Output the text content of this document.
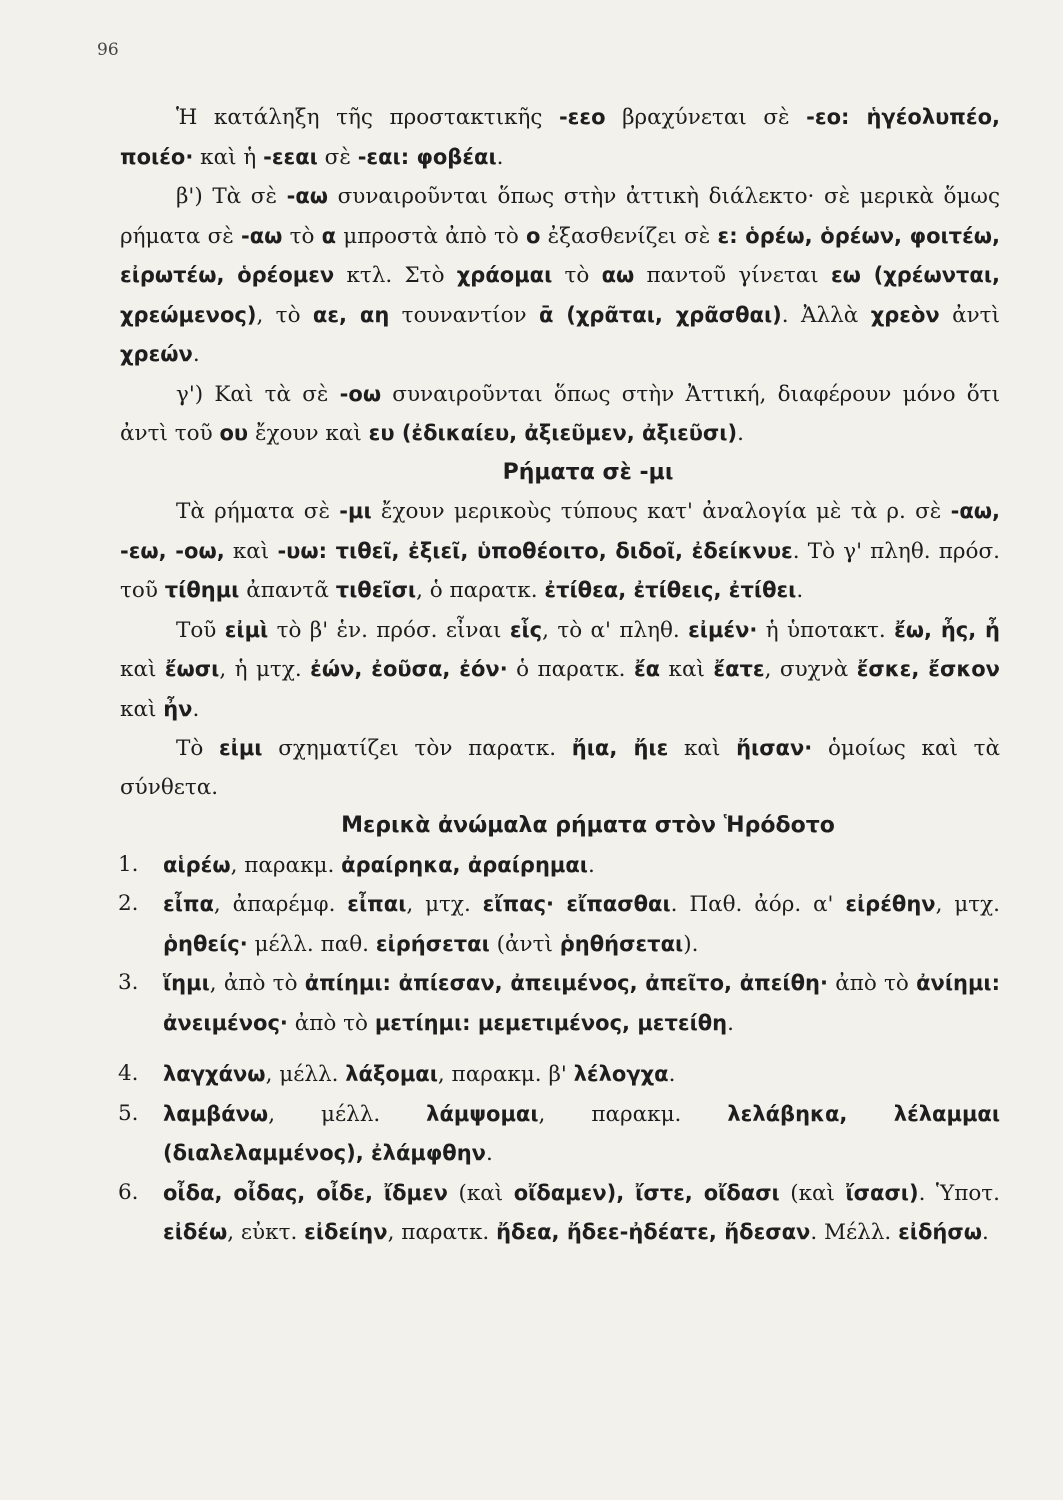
96

Ἡ κατάληξη τῆς προστακτικῆς -εεο βραχύνεται σὲ -εο: ἡγέολυπέο, ποιέο· καὶ ἡ -εεαι σὲ -εαι: φοβέαι.

β') Τὰ σὲ -αω συναιροῦνται ὅπως στὴν ἀττικὴ διάλεκτο· σὲ μερικὰ ὅμως ρήματα σὲ -αω τὸ α μπροστὰ ἀπὸ τὸ ο ἐξασθενίζει σὲ ε: ὁρέω, ὁρέων, φοιτέω, εἰρωτέω, ὁρέομεν κτλ. Στὸ χράομαι τὸ αω παντοῦ γίνεται εω (χρέωνται, χρεώμενος), τὸ αε, αη τουναντίον ᾱ (χρᾶται, χρᾶσθαι). Ἀλλὰ χρεὸν ἀντὶ χρεών.

γ') Καὶ τὰ σὲ -οω συναιροῦνται ὅπως στὴν Ἀττική, διαφέρουν μόνο ὅτι ἀντὶ τοῦ ου ἔχουν καὶ ευ (ἐδικαίευ, ἀξιεῦμεν, ἀξιεῦσι).

Ρήματα σὲ -μι

Τὰ ρήματα σὲ -μι ἔχουν μερικοὺς τύπους κατ' ἀναλογία μὲ τὰ ρ. σὲ -αω, -εω, -οω, καὶ -υω: τιθεῖ, ἐξιεῖ, ὑποθέοιτο, διδοῖ, ἐδείκνυε. Τὸ γ' πληθ. πρόσ. τοῦ τίθημι ἀπαντᾶ τιθεῖσι, ὁ παρατκ. ἐτίθεα, ἐτίθεις, ἐτίθει.

Τοῦ εἰμὶ τὸ β' ἑν. πρόσ. εἶναι εἷς, τὸ α' πληθ. εἰμέν· ἡ ὑποτακτ. ἔω, ἦς, ἦ καὶ ἔωσι, ἡ μτχ. ἐών, ἐοῦσα, ἐόν· ὁ παρατκ. ἔα καὶ ἔατε, συχνὰ ἔσκε, ἔσκον καὶ ἦν.

Τὸ εἰμι σχηματίζει τὸν παρατκ. ἤια, ἤιε καὶ ἤισαν· ὁμοίως καὶ τὰ σύνθετα.

Μερικὰ ἀνώμαλα ρήματα στὸν Ἡρόδοτο

1. αἱρέω, παρακμ. ἀραίρηκα, ἀραίρημαι.
2. εἶπα, ἀπαρέμφ. εἶπαι, μτχ. εἴπας· εἴπασθαι. Παθ. ἀόρ. α' εἰρέθην, μτχ. ῥηθείς· μέλλ. παθ. εἰρήσεται (ἀντὶ ῥηθήσεται).
3. ἵημι, ἀπὸ τὸ ἀπίημι: ἀπίεσαν, ἀπειμένος, ἀπεῖτο, ἀπείθη· ἀπὸ τὸ ἀνίημι: ἀνειμένος· ἀπὸ τὸ μετίημι: μεμετιμένος, μετείθη.
4. λαγχάνω, μέλλ. λάξομαι, παρακμ. β' λέλογχα.
5. λαμβάνω, μέλλ. λάμψομαι, παρακμ. λελάβηκα, λέλαμμαι (διαλελαμμένος), ἐλάμφθην.
6. οἶδα, οἶδας, οἶδε, ἴδμεν (καὶ οἴδαμεν), ἴστε, οἴδασι (καὶ ἴσασι). Ὑποτ. εἰδέω, εὐκτ. εἰδείην, παρατκ. ἤδεα, ἤδεε-ἠδέατε, ἤδεσαν. Μέλλ. εἰδήσω.
